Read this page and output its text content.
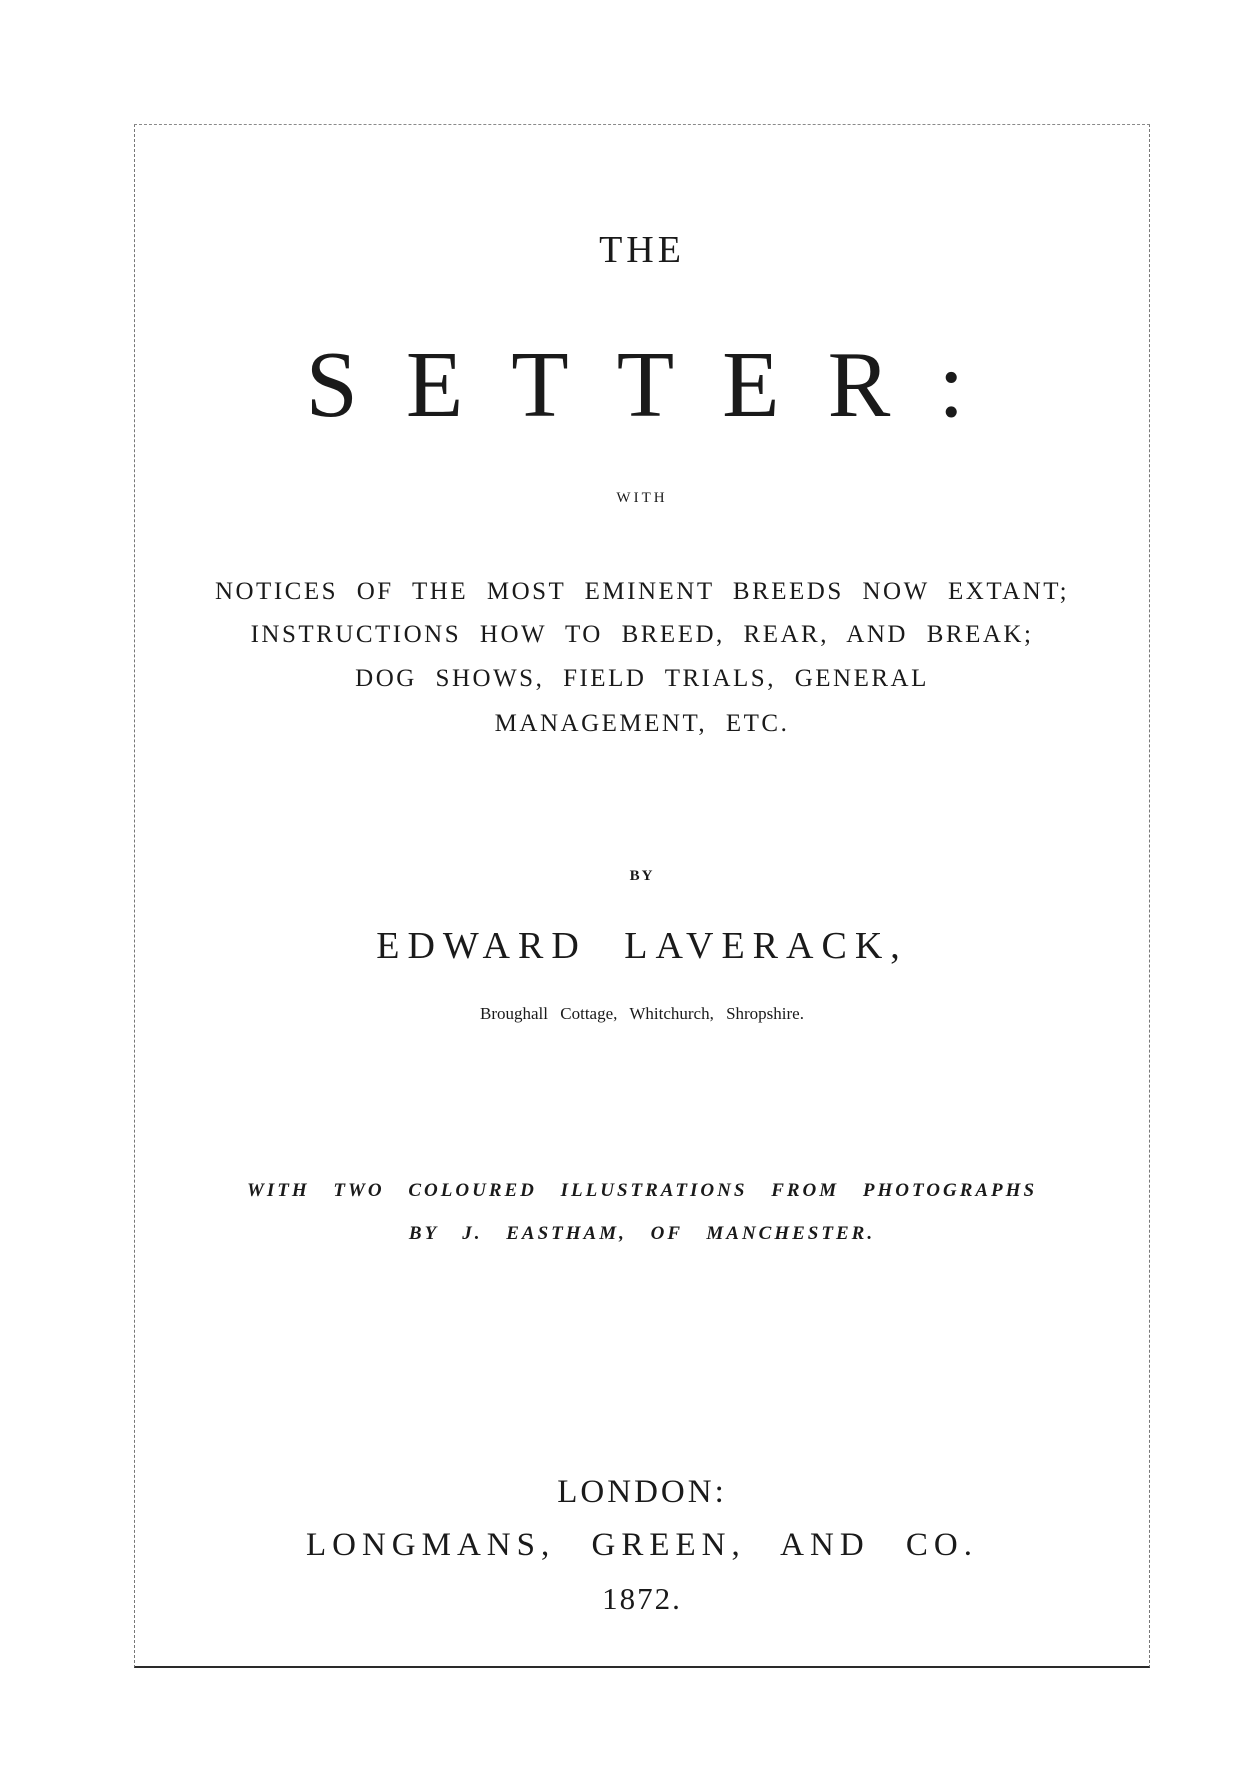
THE
SETTER:
WITH
NOTICES OF THE MOST EMINENT BREEDS NOW EXTANT;
INSTRUCTIONS HOW TO BREED, REAR, AND BREAK;
DOG SHOWS, FIELD TRIALS, GENERAL
MANAGEMENT, ETC.
BY
EDWARD LAVERACK,
Broughall Cottage, Whitchurch, Shropshire.
WITH TWO COLOURED ILLUSTRATIONS FROM PHOTOGRAPHS
BY J. EASTHAM, OF MANCHESTER.
LONDON:
LONGMANS, GREEN, AND CO.
1872.
